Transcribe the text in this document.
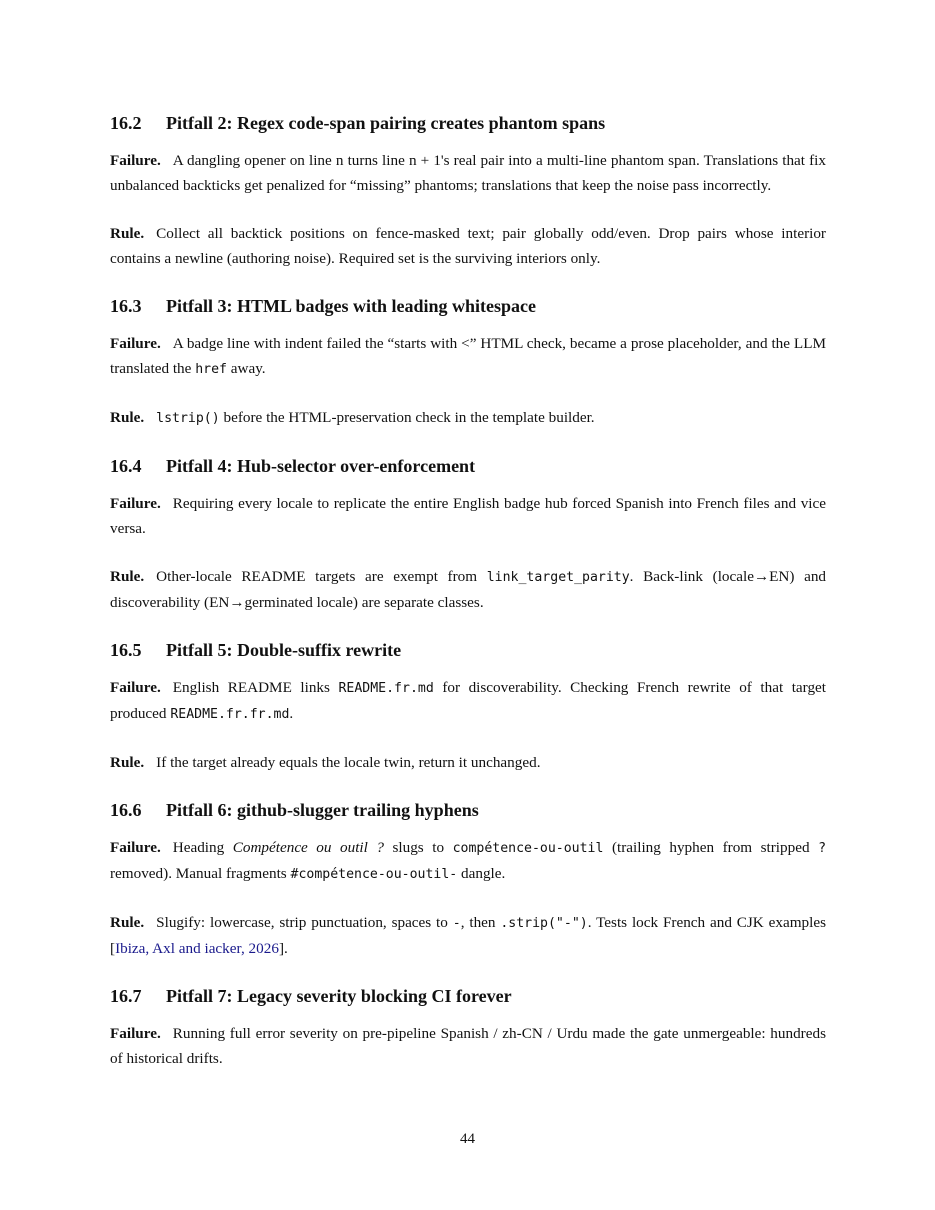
16.2 Pitfall 2: Regex code-span pairing creates phantom spans

Failure. A dangling opener on line n turns line n + 1's real pair into a multi-line phantom span. Translations that fix unbalanced backticks get penalized for “missing” phantoms; translations that keep the noise pass incorrectly.

Rule. Collect all backtick positions on fence-masked text; pair globally odd/even. Drop pairs whose interior contains a newline (authoring noise). Required set is the surviving interiors only.

16.3 Pitfall 3: HTML badges with leading whitespace

Failure. A badge line with indent failed the “starts with <” HTML check, became a prose placeholder, and the LLM translated the href away.

Rule. lstrip() before the HTML-preservation check in the template builder.

16.4 Pitfall 4: Hub-selector over-enforcement

Failure. Requiring every locale to replicate the entire English badge hub forced Spanish into French files and vice versa.

Rule. Other-locale README targets are exempt from link_target_parity. Back-link (locale→EN) and discoverability (EN→germinated locale) are separate classes.

16.5 Pitfall 5: Double-suffix rewrite

Failure. English README links README.fr.md for discoverability. Checking French rewrite of that target produced README.fr.fr.md.

Rule. If the target already equals the locale twin, return it unchanged.

16.6 Pitfall 6: github-slugger trailing hyphens

Failure. Heading Compétence ou outil ? slugs to compétence-ou-outil (trailing hyphen from stripped ? removed). Manual fragments #compétence-ou-outil- dangle.

Rule. Slugify: lowercase, strip punctuation, spaces to -, then .strip("-"). Tests lock French and CJK examples [Ibiza, Axl and iacker, 2026].

16.7 Pitfall 7: Legacy severity blocking CI forever

Failure. Running full error severity on pre-pipeline Spanish / zh-CN / Urdu made the gate unmergeable: hundreds of historical drifts.

44
